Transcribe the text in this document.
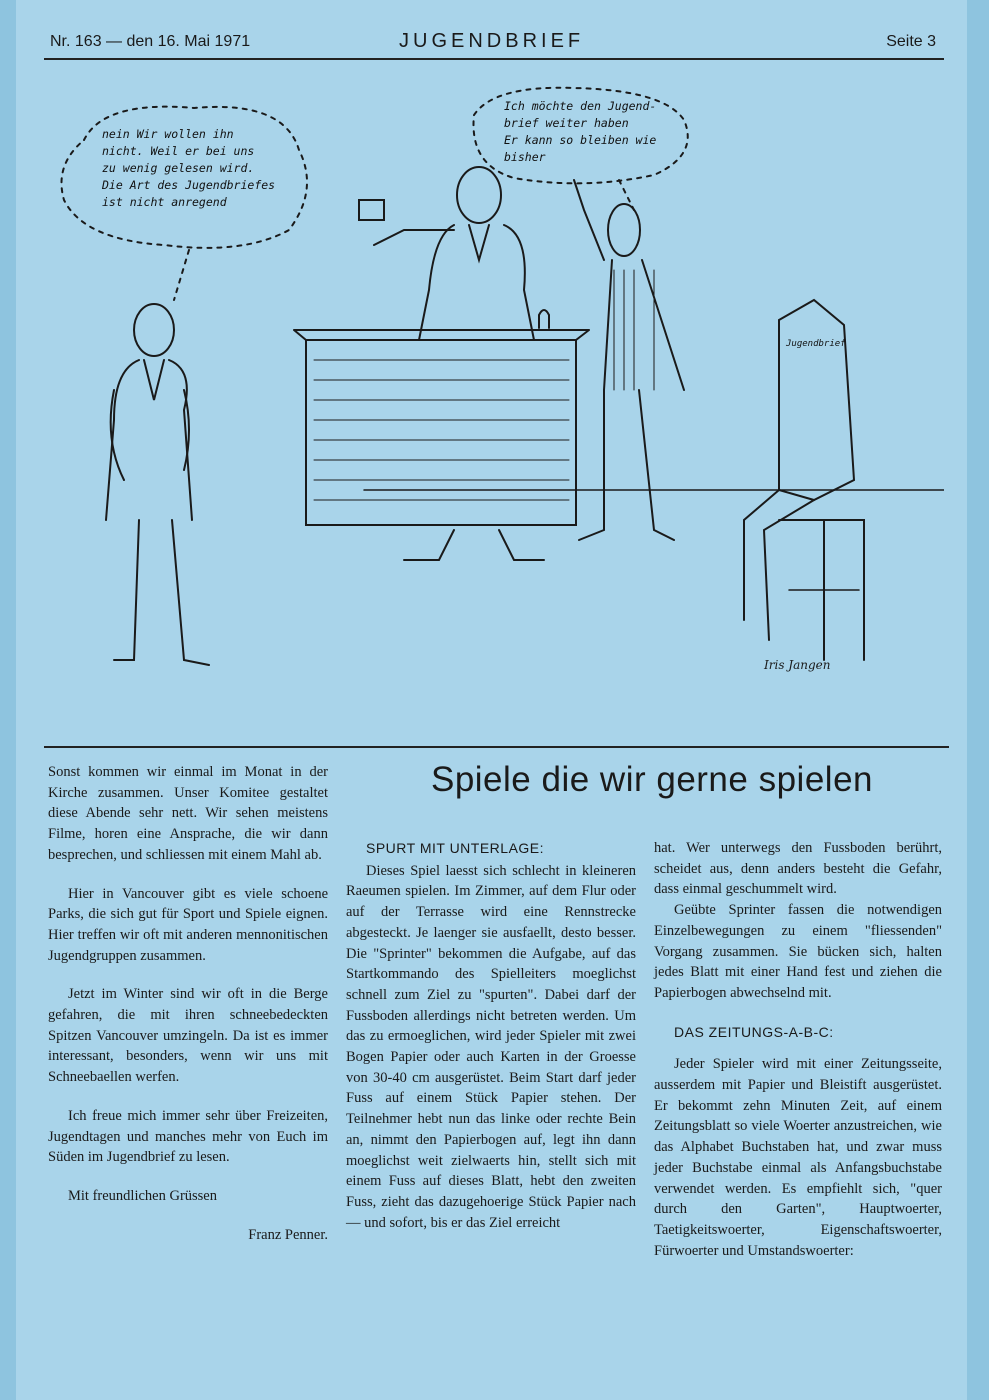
Nr. 163 — den 16. Mai 1971	JUGENDBRIEF	Seite 3
nein Wir wollen ihn
nicht. Weil er bei uns
zu wenig gelesen wird.
Die Art des Jugendbriefes
ist nicht anregend
Ich möchte den Jugend-
brief weiter haben
Er kann so bleiben wie
bisher
Jugendbrief
Iris Jangen
Spiele die wir gerne spielen

Sonst kommen wir einmal im Monat in der Kirche zusammen. Unser Komitee gestaltet diese Abende sehr nett. Wir sehen meistens Filme, horen eine Ansprache, die wir dann besprechen, und schliessen mit einem Mahl ab.

Hier in Vancouver gibt es viele schoene Parks, die sich gut für Sport und Spiele eignen. Hier treffen wir oft mit anderen mennonitischen Jugendgruppen zusammen.

Jetzt im Winter sind wir oft in die Berge gefahren, die mit ihren schneebedeckten Spitzen Vancouver umzingeln. Da ist es immer interessant, besonders, wenn wir uns mit Schneebaellen werfen.

Ich freue mich immer sehr über Freizeiten, Jugendtagen und manches mehr von Euch im Süden im Jugendbrief zu lesen.

Mit freundlichen Grüssen

Franz Penner.

SPURT MIT UNTERLAGE:

Dieses Spiel laesst sich schlecht in kleineren Raeumen spielen. Im Zimmer, auf dem Flur oder auf der Terrasse wird eine Rennstrecke abgesteckt. Je laenger sie ausfaellt, desto besser. Die "Sprinter" bekommen die Aufgabe, auf das Startkommando des Spielleiters moeglichst schnell zum Ziel zu "spurten". Dabei darf der Fussboden allerdings nicht betreten werden. Um das zu ermoeglichen, wird jeder Spieler mit zwei Bogen Papier oder auch Karten in der Groesse von 30-40 cm ausgerüstet. Beim Start darf jeder Fuss auf einem Stück Papier stehen. Der Teilnehmer hebt nun das linke oder rechte Bein an, nimmt den Papierbogen auf, legt ihn dann moeglichst weit zielwaerts hin, stellt sich mit einem Fuss auf dieses Blatt, hebt den zweiten Fuss, zieht das dazugehoerige Stück Papier nach — und sofort, bis er das Ziel erreicht

hat. Wer unterwegs den Fussboden berührt, scheidet aus, denn anders besteht die Gefahr, dass einmal geschummelt wird.

Geübte Sprinter fassen die notwendigen Einzelbewegungen zu einem "fliessenden" Vorgang zusammen. Sie bücken sich, halten jedes Blatt mit einer Hand fest und ziehen die Papierbogen abwechselnd mit.

DAS ZEITUNGS-A-B-C:

Jeder Spieler wird mit einer Zeitungsseite, ausserdem mit Papier und Bleistift ausgerüstet. Er bekommt zehn Minuten Zeit, auf einem Zeitungsblatt so viele Woerter anzustreichen, wie das Alphabet Buchstaben hat, und zwar muss jeder Buchstabe einmal als Anfangsbuchstabe verwendet werden. Es empfiehlt sich, "quer durch den Garten", Hauptwoerter, Taetigkeitswoerter, Eigenschaftswoerter, Fürwoerter und Umstandswoerter:
